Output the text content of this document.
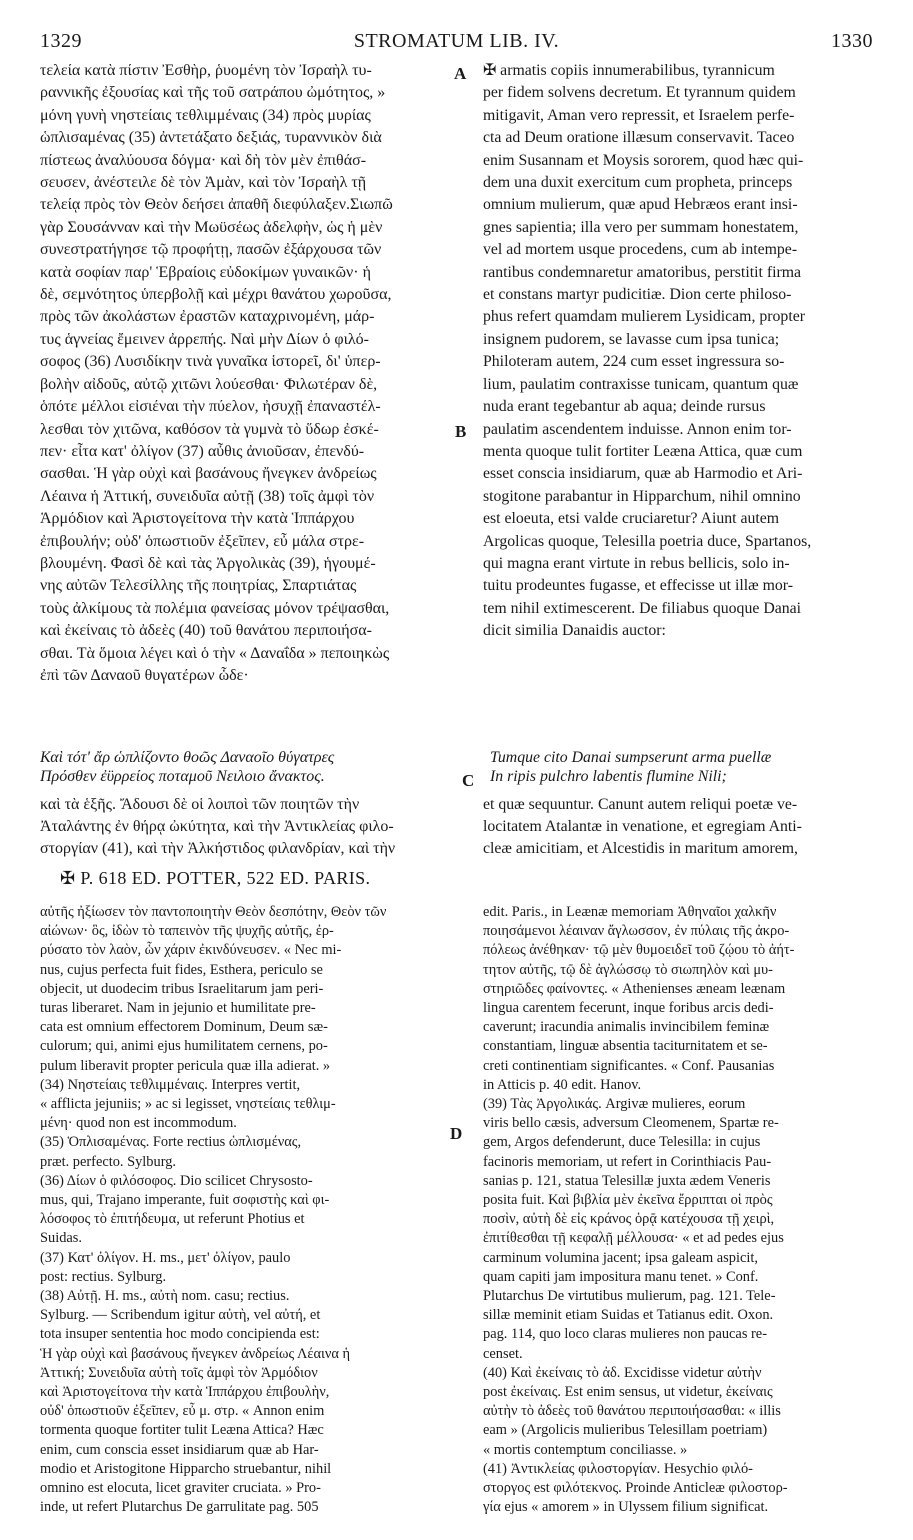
1329	STROMATUM LIB. IV.	1330
A
B
C
D
τελεία κατὰ πίστιν Ἐσθὴρ, ῥυομένη τὸν Ἰσραὴλ τυ-
ραννικῆς ἐξουσίας καὶ τῆς τοῦ σατράπου ὠμότητος, »
μόνη γυνὴ νηστείαις τεθλιμμέναις (34) πρὸς μυρίας
ὡπλισαμένας (35) ἀντετάξατο δεξιάς, τυραννικὸν διὰ
πίστεως ἀναλύουσα δόγμα· καὶ δὴ τὸν μὲν ἐπιθάσ-
σευσεν, ἀνέστειλε δὲ τὸν Ἀμὰν, καὶ τὸν Ἰσραὴλ τῇ
τελείᾳ πρὸς τὸν Θεὸν δεήσει ἀπαθῆ διεφύλαξεν.Σιωπῶ
γὰρ Σουσάνναν καὶ τὴν Μωϋσέως ἀδελφὴν, ὡς ἡ μὲν
συνεστρατήγησε τῷ προφήτῃ, πασῶν ἐξάρχουσα τῶν
κατὰ σοφίαν παρ' Ἑβραίοις εὐδοκίμων γυναικῶν· ἡ
δὲ, σεμνότητος ὑπερβολῇ καὶ μέχρι θανάτου χωροῦσα,
πρὸς τῶν ἀκολάστων ἐραστῶν καταχρινομένη, μάρ-
τυς ἁγνείας ἔμεινεν ἀρρεπής. Ναὶ μὴν Δίων ὁ φιλό-
σοφος (36) Λυσιδίκην τινὰ γυναῖκα ἱστορεῖ, δι' ὑπερ-
βολὴν αἰδοῦς, αὐτῷ χιτῶνι λούεσθαι· Φιλωτέραν δὲ,
ὁπότε μέλλοι εἰσιέναι τὴν πύελον, ἠσυχῇ ἐπαναστέλ-
λεσθαι τὸν χιτῶνα, καθόσον τὰ γυμνὰ τὸ ὕδωρ ἐσκέ-
πεν· εἶτα κατ' ὀλίγον (37) αὖθις ἀνιοῦσαν, ἐπενδύ-
σασθαι. Ἡ γὰρ οὐχὶ καὶ βασάνους ἤνεγκεν ἀνδρείως
Λέαινα ἡ Ἀττική, συνειδυῖα αὐτῇ (38) τοῖς ἀμφὶ τὸν
Ἁρμόδιον καὶ Ἀριστογείτονα τὴν κατὰ Ἱππάρχου
ἐπιβουλήν; οὐδ' ὁπωστιοῦν ἐξεῖπεν, εὖ μάλα στρε-
βλουμένη. Φασὶ δὲ καὶ τὰς Ἀργολικὰς (39), ἡγουμέ-
νης αὐτῶν Τελεσίλλης τῆς ποιητρίας, Σπαρτιάτας
τοὺς ἀλκίμους τὰ πολέμια φανείσας μόνον τρέψασθαι,
καὶ ἐκείναις τὸ ἀδεὲς (40) τοῦ θανάτου περιποιήσα-
σθαι. Τὰ ὅμοια λέγει καὶ ὁ τὴν « Δαναΐδα » πεποιηκὼς
ἐπὶ τῶν Δαναοῦ θυγατέρων ὧδε·
✠ armatis copiis innumerabilibus, tyrannicum
per fidem solvens decretum. Et tyrannum quidem
mitigavit, Aman vero repressit, et Israelem perfe-
cta ad Deum oratione illæsum conservavit. Taceo
enim Susannam et Moysis sororem, quod hæc qui-
dem una duxit exercitum cum propheta, princeps
omnium mulierum, quæ apud Hebræos erant insi-
gnes sapientia; illa vero per summam honestatem,
vel ad mortem usque procedens, cum ab intempe-
rantibus condemnaretur amatoribus, perstitit firma
et constans martyr pudicitiæ. Dion certe philoso-
phus refert quamdam mulierem Lysidicam, propter
insignem pudorem, se lavasse cum ipsa tunica;
Philoteram autem, 224 cum esset ingressura so-
lium, paulatim contraxisse tunicam, quantum quæ
nuda erant tegebantur ab aqua; deinde rursus
paulatim ascendentem induisse. Annon enim tor-
menta quoque tulit fortiter Leæna Attica, quæ cum
esset conscia insidiarum, quæ ab Harmodio et Ari-
stogitone parabantur in Hipparchum, nihil omnino
est eloeuta, etsi valde cruciaretur? Aiunt autem
Argolicas quoque, Telesilla poetria duce, Spartanos,
qui magna erant virtute in rebus bellicis, solo in-
tuitu prodeuntes fugasse, et effecisse ut illæ mor-
tem nihil extimescerent. De filiabus quoque Danai
dicit similia Danaidis auctor:
Καὶ τότ' ἄρ ὡπλίζοντο θοῶς Δαναοῖο θύγατρες
Πρόσθεν ἐϋρρείος ποταμοῦ Νειλοιο ἄνακτος.
Tumque cito Danai sumpserunt arma puellæ
In ripis pulchro labentis flumine Nili;
καὶ τὰ ἑξῆς. Ἄδουσι δὲ οἱ λοιποὶ τῶν ποιητῶν τὴν
Ἀταλάντης ἐν θήρᾳ ὠκύτητα, καὶ τὴν Ἀντικλείας φιλο-
στοργίαν (41), καὶ τὴν Ἀλκήστιδος φιλανδρίαν, καὶ τὴν
et quæ sequuntur. Canunt autem reliqui poetæ ve-
locitatem Atalantæ in venatione, et egregiam Anti-
cleæ amicitiam, et Alcestidis in maritum amorem,
✠ P. 618 ED. POTTER, 522 ED. PARIS.
αὐτῆς ἠξίωσεν τὸν παντοποιητὴν Θεὸν δεσπότην, Θεὸν τῶν
αἰώνων· ὃς, ἰδὼν τὸ ταπεινὸν τῆς ψυχῆς αὐτῆς, ἐρ-
ρύσατο τὸν λαὸν, ὧν χάριν ἐκινδύνευσεν. « Nec mi-
nus, cujus perfecta fuit fides, Esthera, periculo se
objecit, ut duodecim tribus Israelitarum jam peri-
turas liberaret. Nam in jejunio et humilitate pre-
cata est omnium effectorem Dominum, Deum sæ-
culorum; qui, animi ejus humilitatem cernens, po-
pulum liberavit propter pericula quæ illa adierat. »
(34) Νηστείαις τεθλιμμέναις. Interpres vertit,
« afflicta jejuniis; » ac si legisset, νηστείαις τεθλιμ-
μένη· quod non est incommodum.
(35) Ὁπλισαμένας. Forte rectius ὡπλισμένας,
præt. perfecto. Sylburg.
(36) Δίων ὁ φιλόσοφος. Dio scilicet Chrysosto-
mus, qui, Trajano imperante, fuit σοφιστὴς καὶ φι-
λόσοφος τὸ ἐπιτήδευμα, ut referunt Photius et
Suidas.
(37) Κατ' ὀλίγον. H. ms., μετ' ὀλίγον, paulo
post: rectius. Sylburg.
(38) Αὐτῇ. H. ms., αὐτὴ nom. casu; rectius.
Sylburg. — Scribendum igitur αὐτὴ, vel αὐτή, et
tota insuper sententia hoc modo concipienda est:
Ἡ γὰρ οὐχὶ καὶ βασάνους ἤνεγκεν ἀνδρείως Λέαινα ἡ
Ἀττική; Συνειδυῖα αὐτὴ τοῖς ἀμφὶ τὸν Ἁρμόδιον
καὶ Ἀριστογείτονα τὴν κατὰ Ἱππάρχου ἐπιβουλὴν,
οὐδ' ὁπωστιοῦν ἐξεῖπεν, εὖ μ. στρ. « Annon enim
tormenta quoque fortiter tulit Leæna Attica? Hæc
enim, cum conscia esset insidiarum quæ ab Har-
modio et Aristogitone Hipparcho struebantur, nihil
omnino est elocuta, licet graviter cruciata. » Pro-
inde, ut refert Plutarchus De garrulitate pag. 505
edit. Paris., in Leænæ memoriam Ἀθηναῖοι χαλκῆν
ποιησάμενοι λέαιναν ἄγλωσσον, ἐν πύλαις τῆς ἀκρο-
πόλεως ἀνέθηκαν· τῷ μὲν θυμοειδεῖ τοῦ ζῴου τὸ ἀήτ-
τητον αὐτῆς, τῷ δὲ ἀγλώσσῳ τὸ σιωπηλὸν καὶ μυ-
στηριῶδες φαίνοντες. « Athenienses æneam leænam
lingua carentem fecerunt, inque foribus arcis dedi-
caverunt; iracundia animalis invincibilem feminæ
constantiam, linguæ absentia taciturnitatem et se-
creti continentiam significantes. « Conf. Pausanias
in Atticis p. 40 edit. Hanov.
(39) Τὰς Ἀργολικάς. Argivæ mulieres, eorum
viris bello cæsis, adversum Cleomenem, Spartæ re-
gem, Argos defenderunt, duce Telesilla: in cujus
facinoris memoriam, ut refert in Corinthiacis Pau-
sanias p. 121, statua Telesillæ juxta ædem Veneris
posita fuit. Καὶ βιβλία μὲν ἐκεῖνα ἔρριπται οἱ πρὸς
ποσὶν, αὐτὴ δὲ εἰς κράνος ὁρᾷ κατέχουσα τῇ χειρὶ,
ἐπιτίθεσθαι τῇ κεφαλῇ μέλλουσα· « et ad pedes ejus
carminum volumina jacent; ipsa galeam aspicit,
quam capiti jam impositura manu tenet. » Conf.
Plutarchus De virtutibus mulierum, pag. 121. Tele-
sillæ meminit etiam Suidas et Tatianus edit. Oxon.
pag. 114, quo loco claras mulieres non paucas re-
censet.
(40) Καὶ ἐκείναις τὸ ἀδ. Excidisse videtur αὐτὴν
post ἐκείναις. Est enim sensus, ut videtur, ἐκείναις
αὐτὴν τὸ ἀδεὲς τοῦ θανάτου περιποιήσασθαι: « illis
eam » (Argolicis mulieribus Telesillam poetriam)
« mortis contemptum conciliasse. »
(41) Ἀντικλείας φιλοστοργίαν. Hesychio φιλό-
στοργος est φιλότεκνος. Proinde Anticleæ φιλοστορ-
γία ejus « amorem » in Ulyssem filium significat.
